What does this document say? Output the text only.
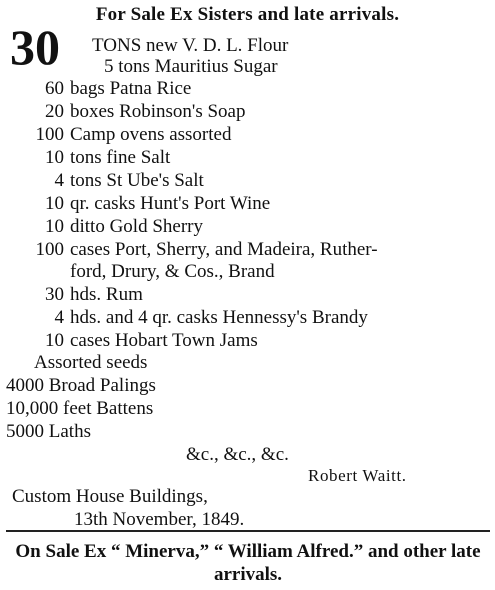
For Sale Ex Sisters and late arrivals.
30 TONS new V. D. L. Flour
5 tons Mauritius Sugar
60 bags Patna Rice
20 boxes Robinson's Soap
100 Camp ovens assorted
10 tons fine Salt
4 tons St Ube's Salt
10 qr. casks Hunt's Port Wine
10 ditto Gold Sherry
100 cases Port, Sherry, and Madeira, Ruther-
ford, Drury, & Cos., Brand
30 hds. Rum
4 hds. and 4 qr. casks Hennessy's Brandy
10 cases Hobart Town Jams
Assorted seeds
4000 Broad Palings
10,000 feet Battens
5000 Laths
&c., &c., &c.
Robert Waitt.
Custom House Buildings,
13th November, 1849.
On Sale Ex “ Minerva,” “ William Alfred.” and other late arrivals.
